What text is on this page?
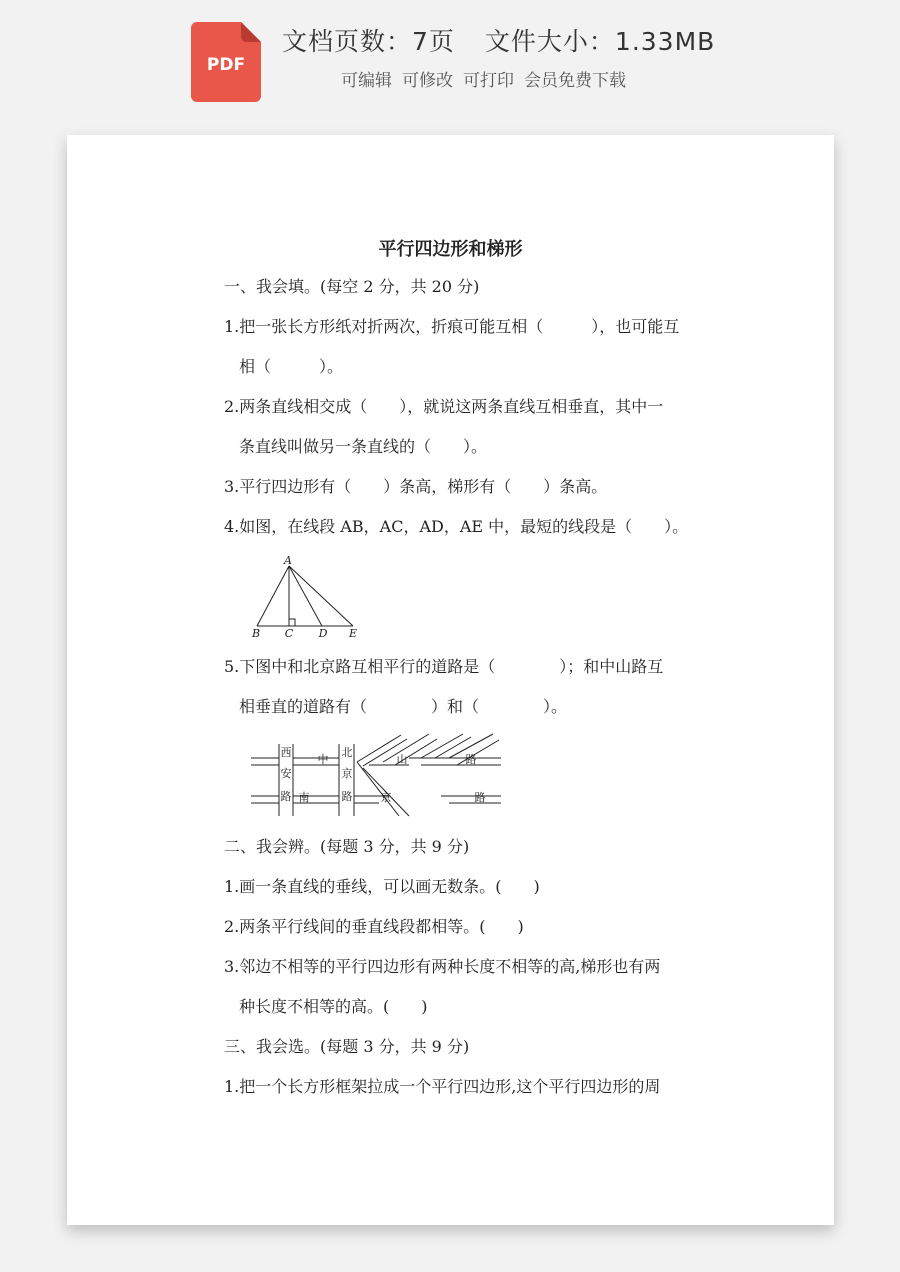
PDF
文档页数：7页 文件大小：1.33MB
可编辑 可修改 可打印 会员免费下载
平行四边形和梯形
一、我会填。(每空 2 分，共 20 分)
1.把一张长方形纸对折两次，折痕可能互相（　　　），也可能互
相（　　　）。
2.两条直线相交成（　　），就说这两条直线互相垂直，其中一
条直线叫做另一条直线的（　　）。
3.平行四边形有（　　）条高，梯形有（　　）条高。
4.如图，在线段 AB，AC，AD，AE 中，最短的线段是（　　）。
A
B C D E
5.下图中和北京路互相平行的道路是（　　　　）；和中山路互
相垂直的道路有（　　　　）和（　　　　）。
西
安
路
中
北
京
路
山	路
南	京	路
二、我会辨。(每题 3 分，共 9 分)
1.画一条直线的垂线，可以画无数条。(　　)
2.两条平行线间的垂直线段都相等。(　　)
3.邻边不相等的平行四边形有两种长度不相等的高,梯形也有两
种长度不相等的高。(　　)
三、我会选。(每题 3 分，共 9 分)
1.把一个长方形框架拉成一个平行四边形,这个平行四边形的周
